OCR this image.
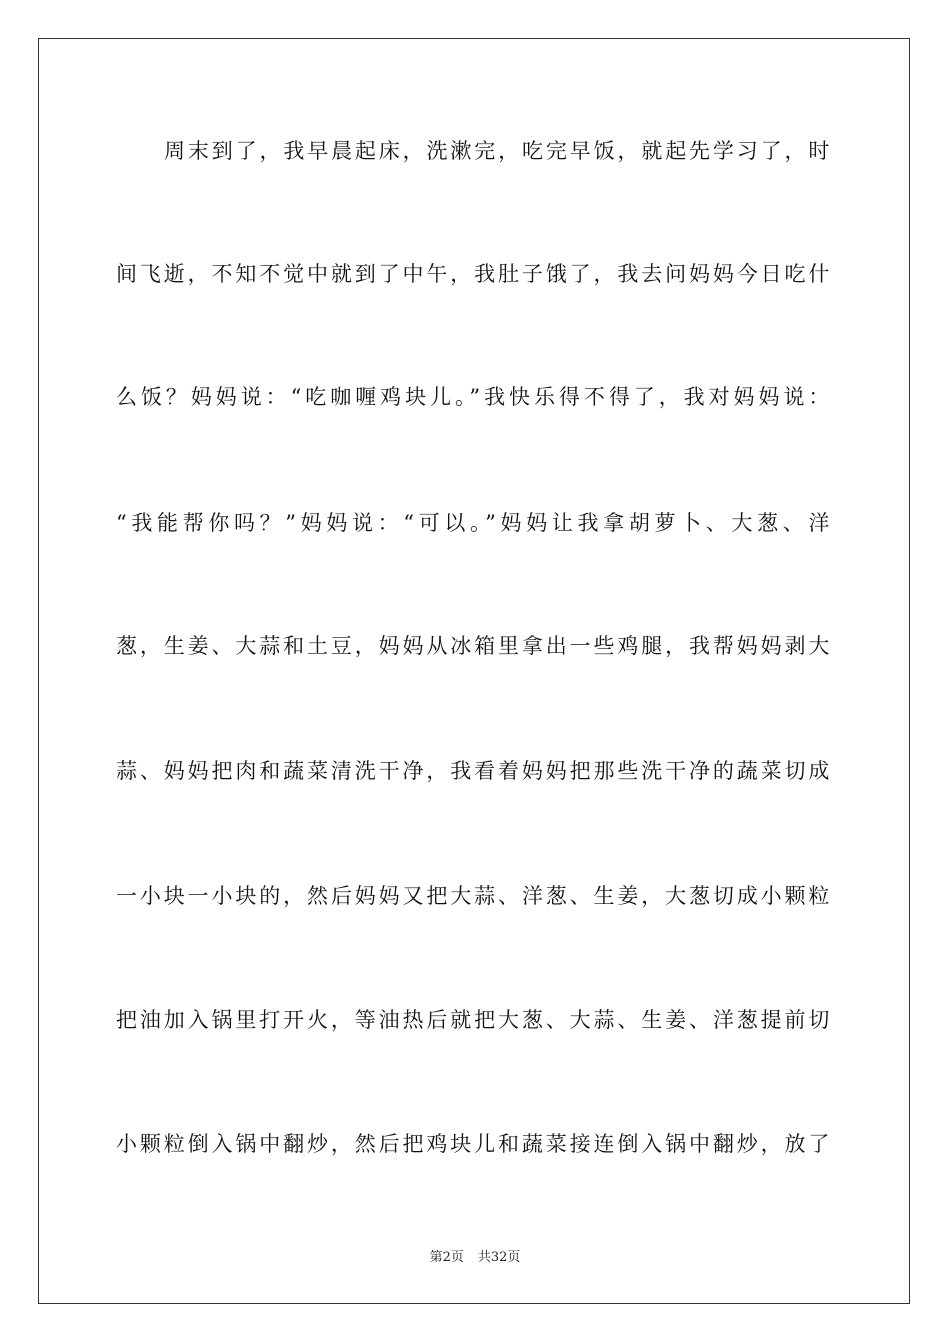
周末到了，我早晨起床，洗漱完，吃完早饭，就起先学习了，时
间飞逝，不知不觉中就到了中午，我肚子饿了，我去问妈妈今日吃什
么饭？妈妈说：“吃咖喱鸡块儿。”我快乐得不得了，我对妈妈说：
“我能帮你吗？”妈妈说：“可以。”妈妈让我拿胡萝卜、大葱、洋
葱，生姜、大蒜和土豆，妈妈从冰箱里拿出一些鸡腿，我帮妈妈剥大
蒜、妈妈把肉和蔬菜清洗干净，我看着妈妈把那些洗干净的蔬菜切成
一小块一小块的，然后妈妈又把大蒜、洋葱、生姜，大葱切成小颗粒
把油加入锅里打开火，等油热后就把大葱、大蒜、生姜、洋葱提前切
小颗粒倒入锅中翻炒，然后把鸡块儿和蔬菜接连倒入锅中翻炒，放了
第2页 共32页
